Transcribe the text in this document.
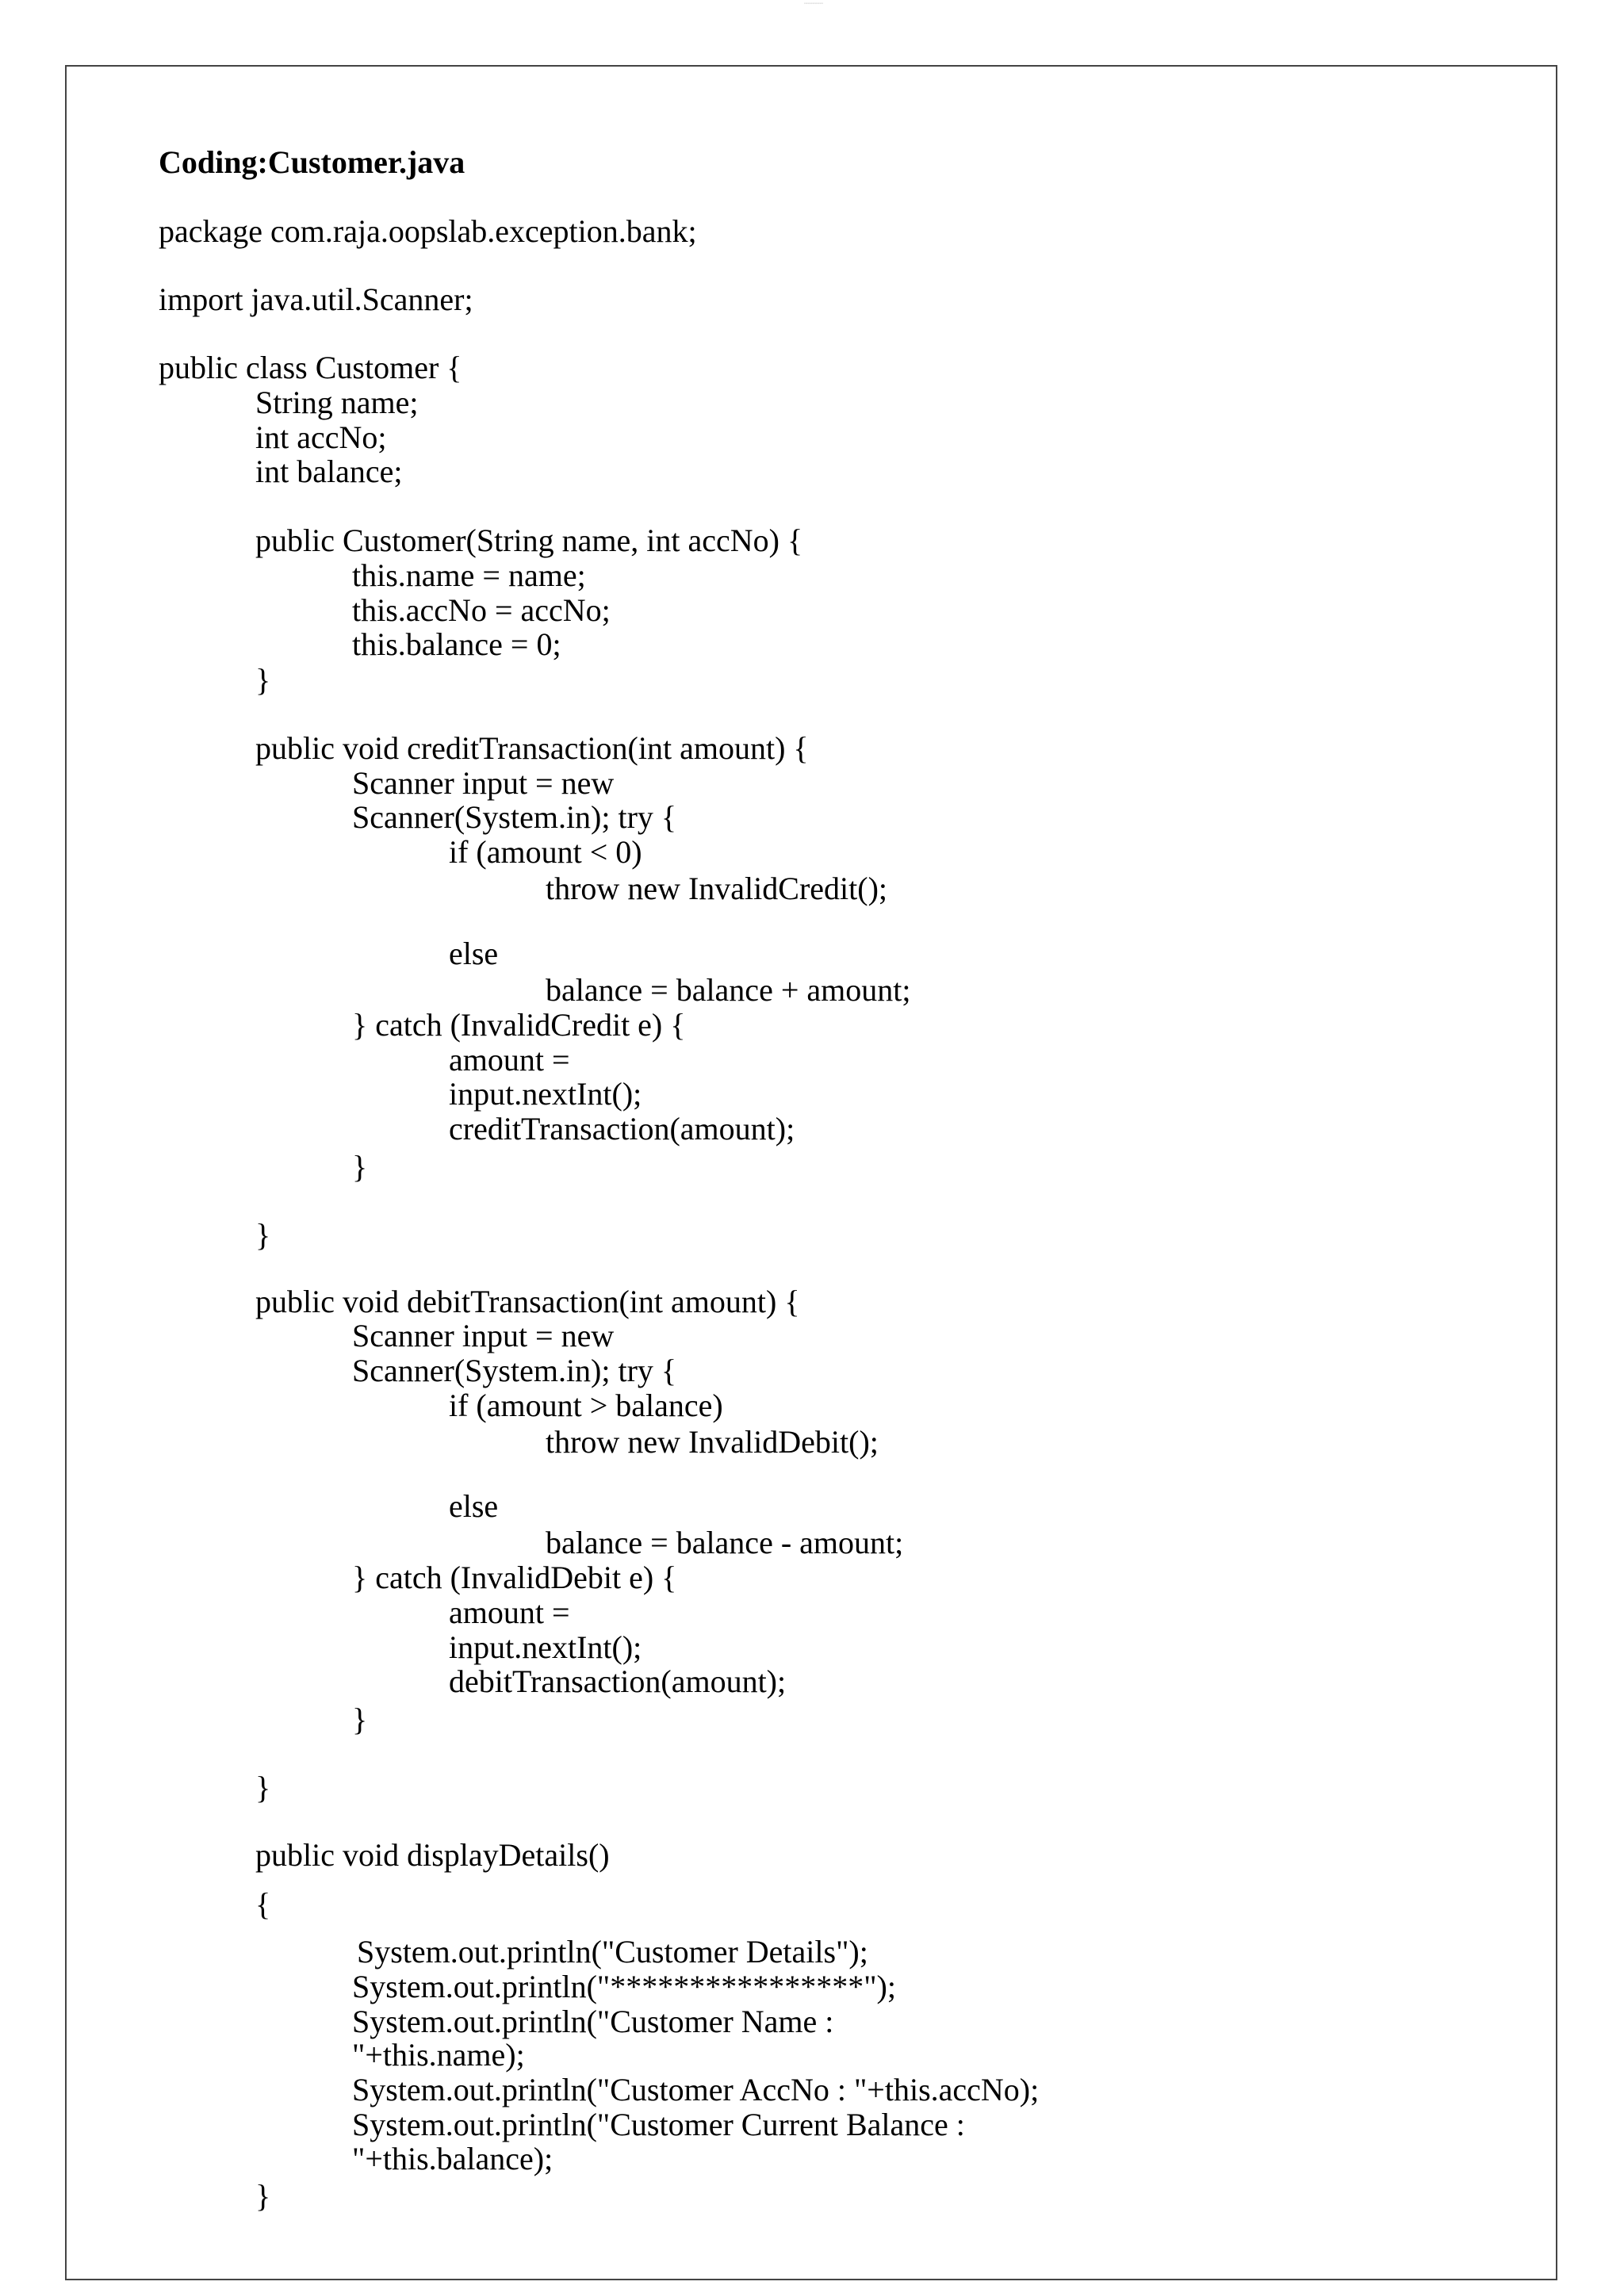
xxxxxxxxxxxxxxxx
Coding:Customer.java
package com.raja.oopslab.exception.bank;
import java.util.Scanner;
public class Customer {
String name;
int accNo;
int balance;
public Customer(String name, int accNo) {
this.name = name;
this.accNo = accNo;
this.balance = 0;
}
public void creditTransaction(int amount) {
Scanner input = new
Scanner(System.in); try {
if (amount < 0)
throw new InvalidCredit();
else
balance = balance + amount;
} catch (InvalidCredit e) {
amount =
input.nextInt();
creditTransaction(amount);
}
}
public void debitTransaction(int amount) {
Scanner input = new
Scanner(System.in); try {
if (amount > balance)
throw new InvalidDebit();
else
balance = balance - amount;
} catch (InvalidDebit e) {
amount =
input.nextInt();
debitTransaction(amount);
}
}
public void displayDetails()
{
System.out.println("Customer Details");
System.out.println("****************");
System.out.println("Customer Name :
"+this.name);
System.out.println("Customer AccNo : "+this.accNo);
System.out.println("Customer Current Balance :
"+this.balance);
}
